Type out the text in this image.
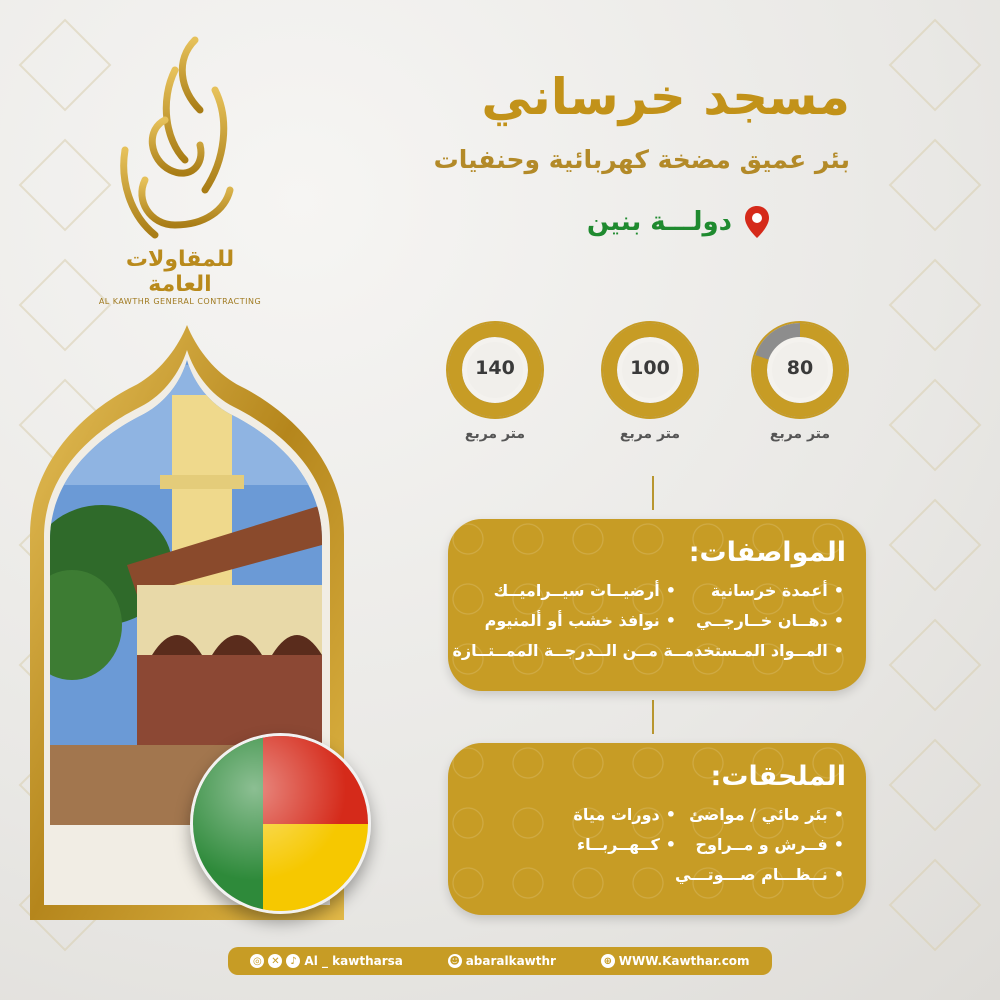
للمقاولات العامة
AL KAWTHR GENERAL CONTRACTING
مسجد خرساني
بئر عميق مضخة كهربائية وحنفيات
دولـــة بنين
140
متر مربع
100
متر مربع
80
متر مربع
المواصفات:
• أعمدة خرسانية
• أرضيــات سيــراميــك
• دهــان خــارجــي
• نوافذ خشب أو ألمنيوم
• المــواد المـستخدمــة مــن الــدرجــة الممــتــازة
الملحقات:
• بئر مائي / مواضئ
• دورات مياة
• فــرش و مــراوح
• كــهــربــاء
• نــظـــام صـــوتـــي
◎ ✕	♪ Al _ kawtharsa	☻ abaralkawthr	⊕ WWW.Kawthar.com
